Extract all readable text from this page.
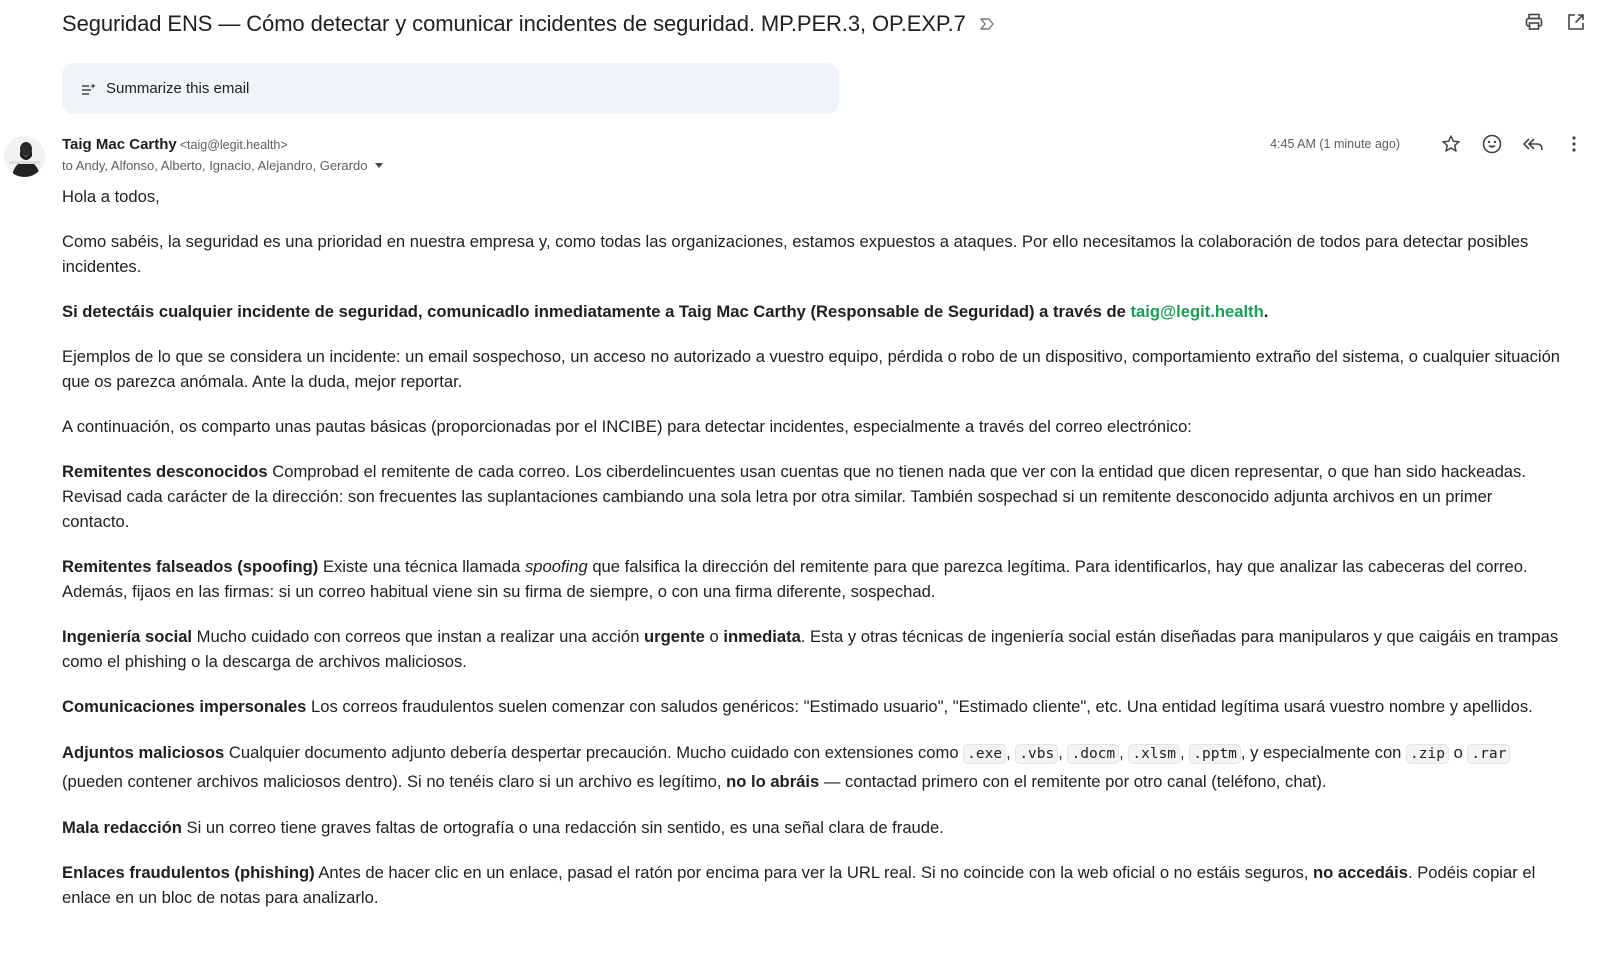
Seguridad ENS — Cómo detectar y comunicar incidentes de seguridad. MP.PER.3, OP.EXP.7
Summarize this email
Taig Mac Carthy <taig@legit.health>
to Andy, Alfonso, Alberto, Ignacio, Alejandro, Gerardo
4:45 AM (1 minute ago)

Hola a todos,

Como sabéis, la seguridad es una prioridad en nuestra empresa y, como todas las organizaciones, estamos expuestos a ataques. Por ello necesitamos la colaboración de todos para detectar posibles incidentes.

Si detectáis cualquier incidente de seguridad, comunicadlo inmediatamente a Taig Mac Carthy (Responsable de Seguridad) a través de taig@legit.health.

Ejemplos de lo que se considera un incidente: un email sospechoso, un acceso no autorizado a vuestro equipo, pérdida o robo de un dispositivo, comportamiento extraño del sistema, o cualquier situación que os parezca anómala. Ante la duda, mejor reportar.

A continuación, os comparto unas pautas básicas (proporcionadas por el INCIBE) para detectar incidentes, especialmente a través del correo electrónico:

Remitentes desconocidos Comprobad el remitente de cada correo. Los ciberdelincuentes usan cuentas que no tienen nada que ver con la entidad que dicen representar, o que han sido hackeadas. Revisad cada carácter de la dirección: son frecuentes las suplantaciones cambiando una sola letra por otra similar. También sospechad si un remitente desconocido adjunta archivos en un primer contacto.

Remitentes falseados (spoofing) Existe una técnica llamada spoofing que falsifica la dirección del remitente para que parezca legítima. Para identificarlos, hay que analizar las cabeceras del correo. Además, fijaos en las firmas: si un correo habitual viene sin su firma de siempre, o con una firma diferente, sospechad.

Ingeniería social Mucho cuidado con correos que instan a realizar una acción urgente o inmediata. Esta y otras técnicas de ingeniería social están diseñadas para manipularos y que caigáis en trampas como el phishing o la descarga de archivos maliciosos.

Comunicaciones impersonales Los correos fraudulentos suelen comenzar con saludos genéricos: "Estimado usuario", "Estimado cliente", etc. Una entidad legítima usará vuestro nombre y apellidos.

Adjuntos maliciosos Cualquier documento adjunto debería despertar precaución. Mucho cuidado con extensiones como .exe , .vbs , .docm , .xlsm , .pptm , y especialmente con .zip o .rar (pueden contener archivos maliciosos dentro). Si no tenéis claro si un archivo es legítimo, no lo abráis — contactad primero con el remitente por otro canal (teléfono, chat).

Mala redacción Si un correo tiene graves faltas de ortografía o una redacción sin sentido, es una señal clara de fraude.

Enlaces fraudulentos (phishing) Antes de hacer clic en un enlace, pasad el ratón por encima para ver la URL real. Si no coincide con la web oficial o no estáis seguros, no accedáis. Podéis copiar el enlace en un bloc de notas para analizarlo.
